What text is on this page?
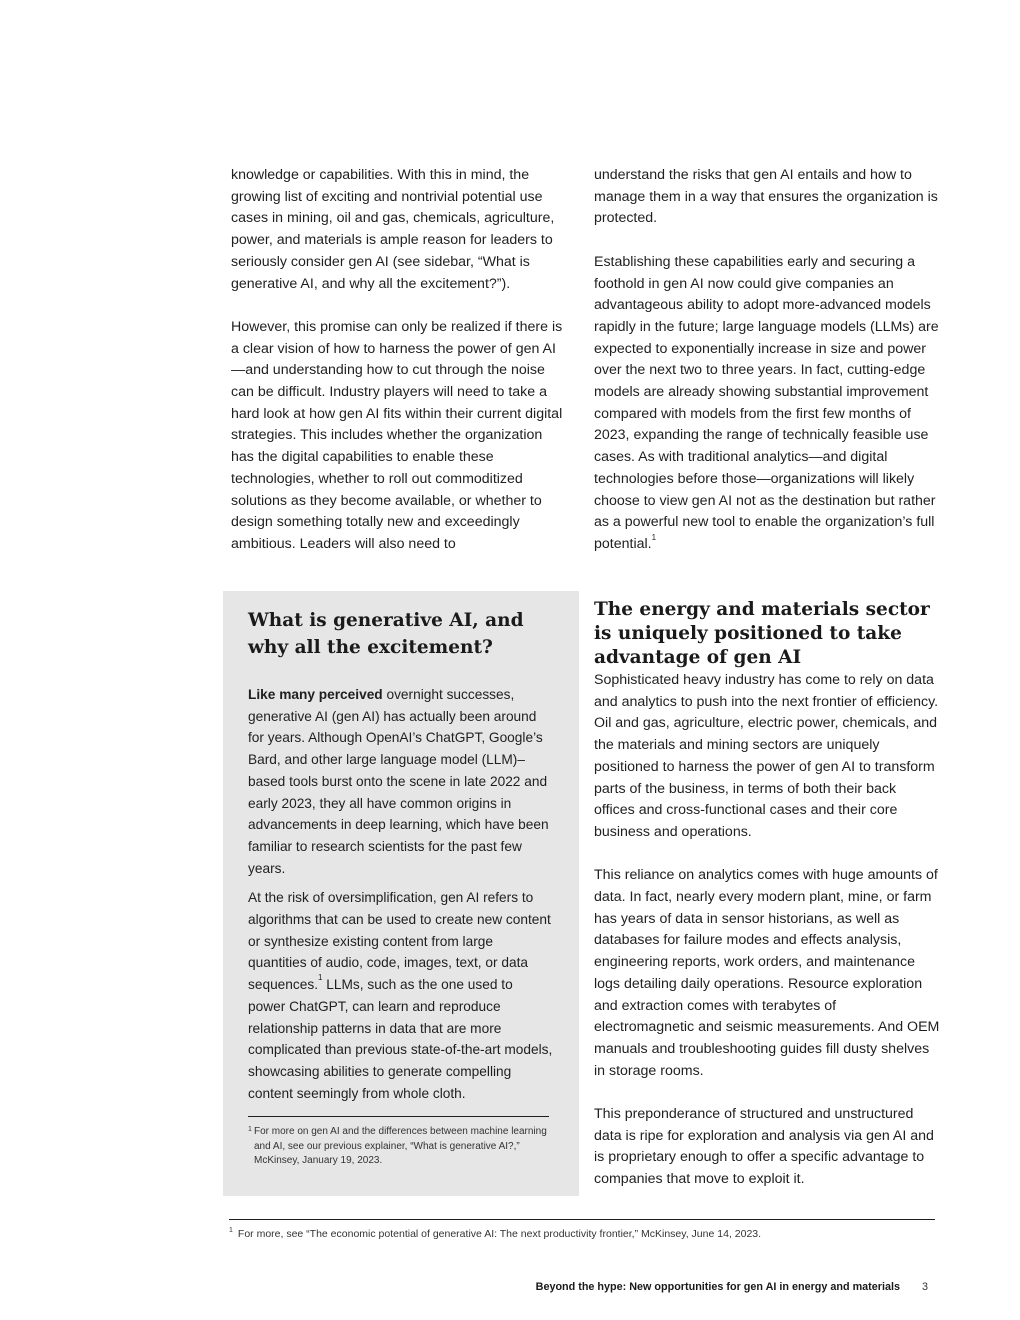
knowledge or capabilities. With this in mind, the growing list of exciting and nontrivial potential use cases in mining, oil and gas, chemicals, agriculture, power, and materials is ample reason for leaders to seriously consider gen AI (see sidebar, “What is generative AI, and why all the excitement?”).

However, this promise can only be realized if there is a clear vision of how to harness the power of gen AI—and understanding how to cut through the noise can be difficult. Industry players will need to take a hard look at how gen AI fits within their current digital strategies. This includes whether the organization has the digital capabilities to enable these technologies, whether to roll out commoditized solutions as they become available, or whether to design something totally new and exceedingly ambitious. Leaders will also need to

understand the risks that gen AI entails and how to manage them in a way that ensures the organization is protected.

Establishing these capabilities early and securing a foothold in gen AI now could give companies an advantageous ability to adopt more-advanced models rapidly in the future; large language models (LLMs) are expected to exponentially increase in size and power over the next two to three years. In fact, cutting-edge models are already showing substantial improvement compared with models from the first few months of 2023, expanding the range of technically feasible use cases. As with traditional analytics—and digital technologies before those—organizations will likely choose to view gen AI not as the destination but rather as a powerful new tool to enable the organization’s full potential.$^1$

What is generative AI, and why all the excitement?

Like many perceived overnight successes, generative AI (gen AI) has actually been around for years. Although OpenAI’s ChatGPT, Google’s Bard, and other large language model (LLM)–based tools burst onto the scene in late 2022 and early 2023, they all have common origins in advancements in deep learning, which have been familiar to research scientists for the past few years.

At the risk of oversimplification, gen AI refers to algorithms that can be used to create new content or synthesize existing content from large quantities of audio, code, images, text, or data sequences.$^1$ LLMs, such as the one used to power ChatGPT, can learn and reproduce relationship patterns in data that are more complicated than previous state-of-the-art models, showcasing abilities to generate compelling content seemingly from whole cloth.

1 For more on gen AI and the differences between machine learning and AI, see our previous explainer, “What is generative AI?,” McKinsey, January 19, 2023.
The energy and materials sector is uniquely positioned to take advantage of gen AI

Sophisticated heavy industry has come to rely on data and analytics to push into the next frontier of efficiency. Oil and gas, agriculture, electric power, chemicals, and the materials and mining sectors are uniquely positioned to harness the power of gen AI to transform parts of the business, in terms of both their back offices and cross-functional cases and their core business and operations.

This reliance on analytics comes with huge amounts of data. In fact, nearly every modern plant, mine, or farm has years of data in sensor historians, as well as databases for failure modes and effects analysis, engineering reports, work orders, and maintenance logs detailing daily operations. Resource exploration and extraction comes with terabytes of electromagnetic and seismic measurements. And OEM manuals and troubleshooting guides fill dusty shelves in storage rooms.

This preponderance of structured and unstructured data is ripe for exploration and analysis via gen AI and is proprietary enough to offer a specific advantage to companies that move to exploit it.

$^1$ For more, see “The economic potential of generative AI: The next productivity frontier,” McKinsey, June 14, 2023.
Beyond the hype: New opportunities for gen AI in energy and materials 3
